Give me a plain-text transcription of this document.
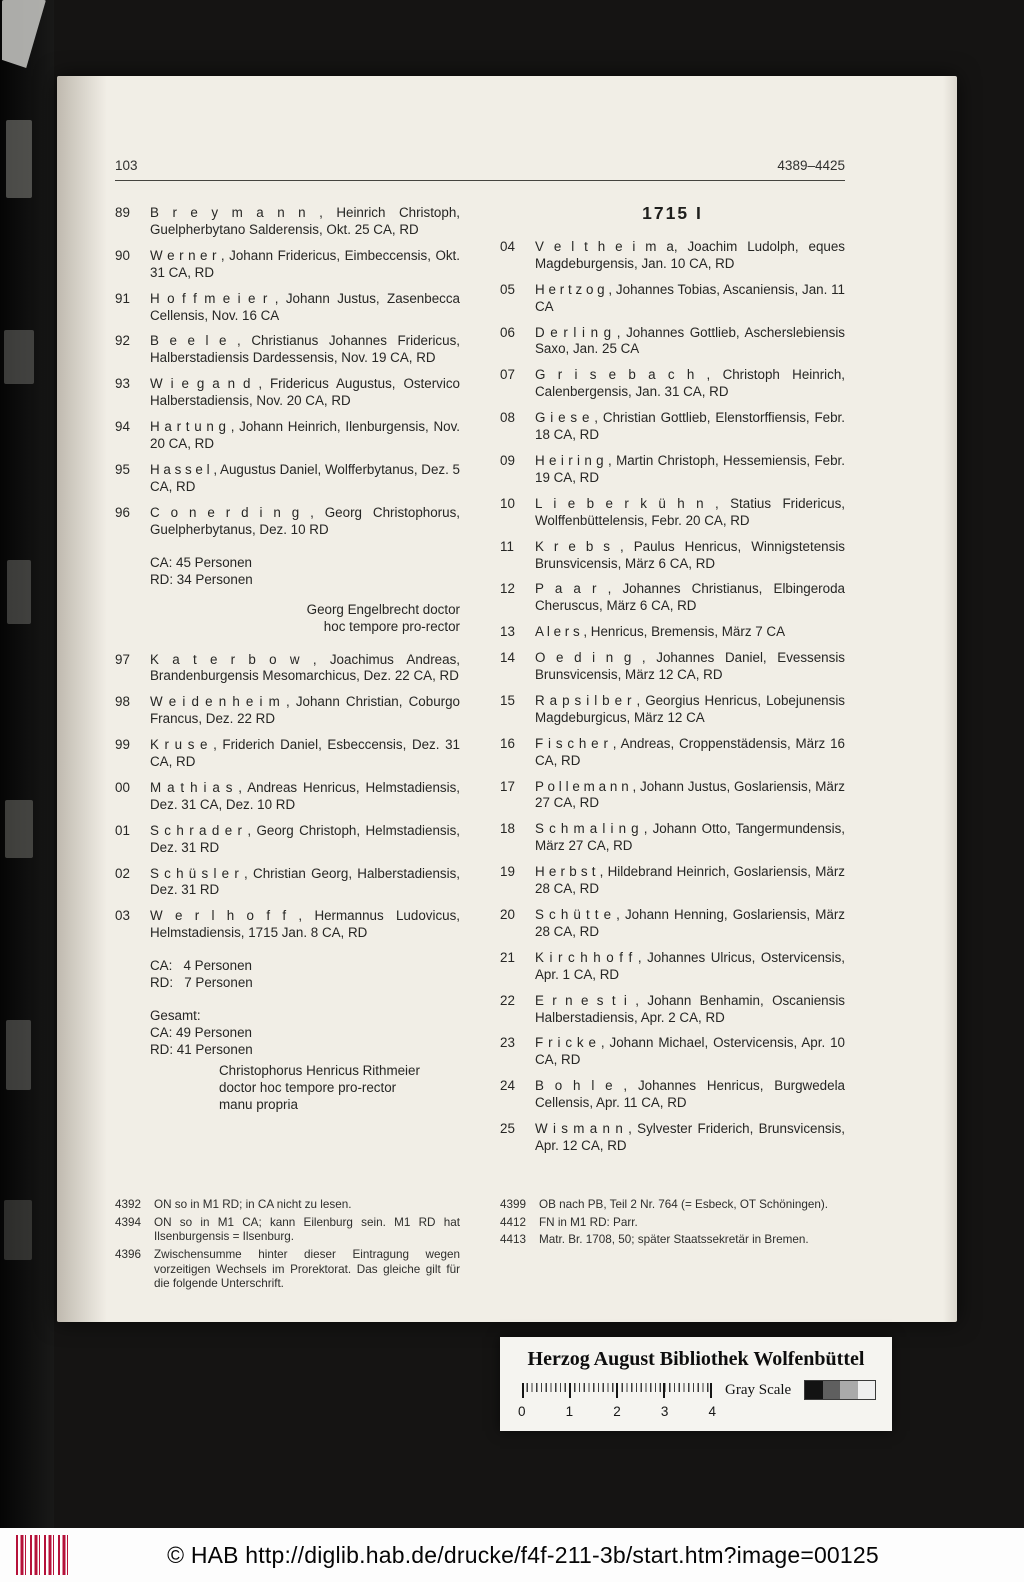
103	4389–4425
89	B r e y m a n n , Heinrich Christoph, Guelpherbytano Salderensis, Okt. 25 CA, RD
90	W e r n e r , Johann Fridericus, Eimbeccensis, Okt. 31 CA, RD
91	H o f f m e i e r , Johann Justus, Zasenbecca Cellensis, Nov. 16 CA
92	B e e l e , Christianus Johannes Fridericus, Halberstadiensis Dardessensis, Nov. 19 CA, RD
93	W i e g a n d , Fridericus Augustus, Ostervico Halberstadiensis, Nov. 20 CA, RD
94	H a r t u n g , Johann Heinrich, Ilenburgensis, Nov. 20 CA, RD
95	H a s s e l , Augustus Daniel, Wolfferbytanus, Dez. 5 CA, RD
96	C o n e r d i n g , Georg Christophorus, Guelpherbytanus, Dez. 10 RD
CA: 45 Personen
RD: 34 Personen
Georg Engelbrecht doctor
hoc tempore pro-rector
97	K a t e r b o w , Joachimus Andreas, Brandenburgensis Mesomarchicus, Dez. 22 CA, RD
98	W e i d e n h e i m , Johann Christian, Coburgo Francus, Dez. 22 RD
99	K r u s e , Friderich Daniel, Esbeccensis, Dez. 31 CA, RD
00	M a t h i a s , Andreas Henricus, Helmstadiensis, Dez. 31 CA, Dez. 10 RD
01	S c h r a d e r , Georg Christoph, Helmstadiensis, Dez. 31 RD
02	S c h ü s l e r , Christian Georg, Halberstadiensis, Dez. 31 RD
03	W e r l h o f f , Hermannus Ludovicus, Helmstadiensis, 1715 Jan. 8 CA, RD
CA:   4 Personen
RD:   7 Personen
Gesamt:
CA: 49 Personen
RD: 41 Personen
Christophorus Henricus Rithmeier
doctor hoc tempore pro-rector
manu propria
1715 I
04	V e l t h e i m a, Joachim Ludolph, eques Magdeburgensis, Jan. 10 CA, RD
05	H e r t z o g , Johannes Tobias, Ascaniensis, Jan. 11 CA
06	D e r l i n g , Johannes Gottlieb, Ascherslebiensis Saxo, Jan. 25 CA
07	G r i s e b a c h , Christoph Heinrich, Calenbergensis, Jan. 31 CA, RD
08	G i e s e , Christian Gottlieb, Elenstorffiensis, Febr. 18 CA, RD
09	H e i r i n g , Martin Christoph, Hessemiensis, Febr. 19 CA, RD
10	L i e b e r k ü h n , Statius Fridericus, Wolffenbüttelensis, Febr. 20 CA, RD
11	K r e b s , Paulus Henricus, Winnigstetensis Brunsvicensis, März 6 CA, RD
12	P a a r , Johannes Christianus, Elbingeroda Cheruscus, März 6 CA, RD
13	A l e r s , Henricus, Bremensis, März 7 CA
14	O e d i n g , Johannes Daniel, Evessensis Brunsvicensis, März 12 CA, RD
15	R a p s i l b e r , Georgius Henricus, Lobejunensis Magdeburgicus, März 12 CA
16	F i s c h e r , Andreas, Croppenstädensis, März 16 CA, RD
17	P o l l e m a n n , Johann Justus, Goslariensis, März 27 CA, RD
18	S c h m a l i n g , Johann Otto, Tangermundensis, März 27 CA, RD
19	H e r b s t , Hildebrand Heinrich, Goslariensis, März 28 CA, RD
20	S c h ü t t e , Johann Henning, Goslariensis, März 28 CA, RD
21	K i r c h h o f f , Johannes Ulricus, Ostervicensis, Apr. 1 CA, RD
22	E r n e s t i , Johann Benhamin, Oscaniensis Halberstadiensis, Apr. 2 CA, RD
23	F r i c k e , Johann Michael, Ostervicensis, Apr. 10 CA, RD
24	B o h l e , Johannes Henricus, Burgwedela Cellensis, Apr. 11 CA, RD
25	W i s m a n n , Sylvester Friderich, Brunsvicensis, Apr. 12 CA, RD
4392	ON so in M1 RD; in CA nicht zu lesen.
4394	ON so in M1 CA; kann Eilenburg sein. M1 RD hat Ilsenburgensis = Ilsenburg.
4396	Zwischensumme hinter dieser Eintragung wegen vorzeitigen Wechsels im Prorektorat. Das gleiche gilt für die folgende Unterschrift.
4399	OB nach PB, Teil 2 Nr. 764 (= Esbeck, OT Schöningen).
4412	FN in M1 RD: Parr.
4413	Matr. Br. 1708, 50; später Staatssekretär in Bremen.
Herzog August Bibliothek Wolfenbüttel
Gray Scale
0	1	2	3	4
© HAB http://diglib.hab.de/drucke/f4f-211-3b/start.htm?image=00125
